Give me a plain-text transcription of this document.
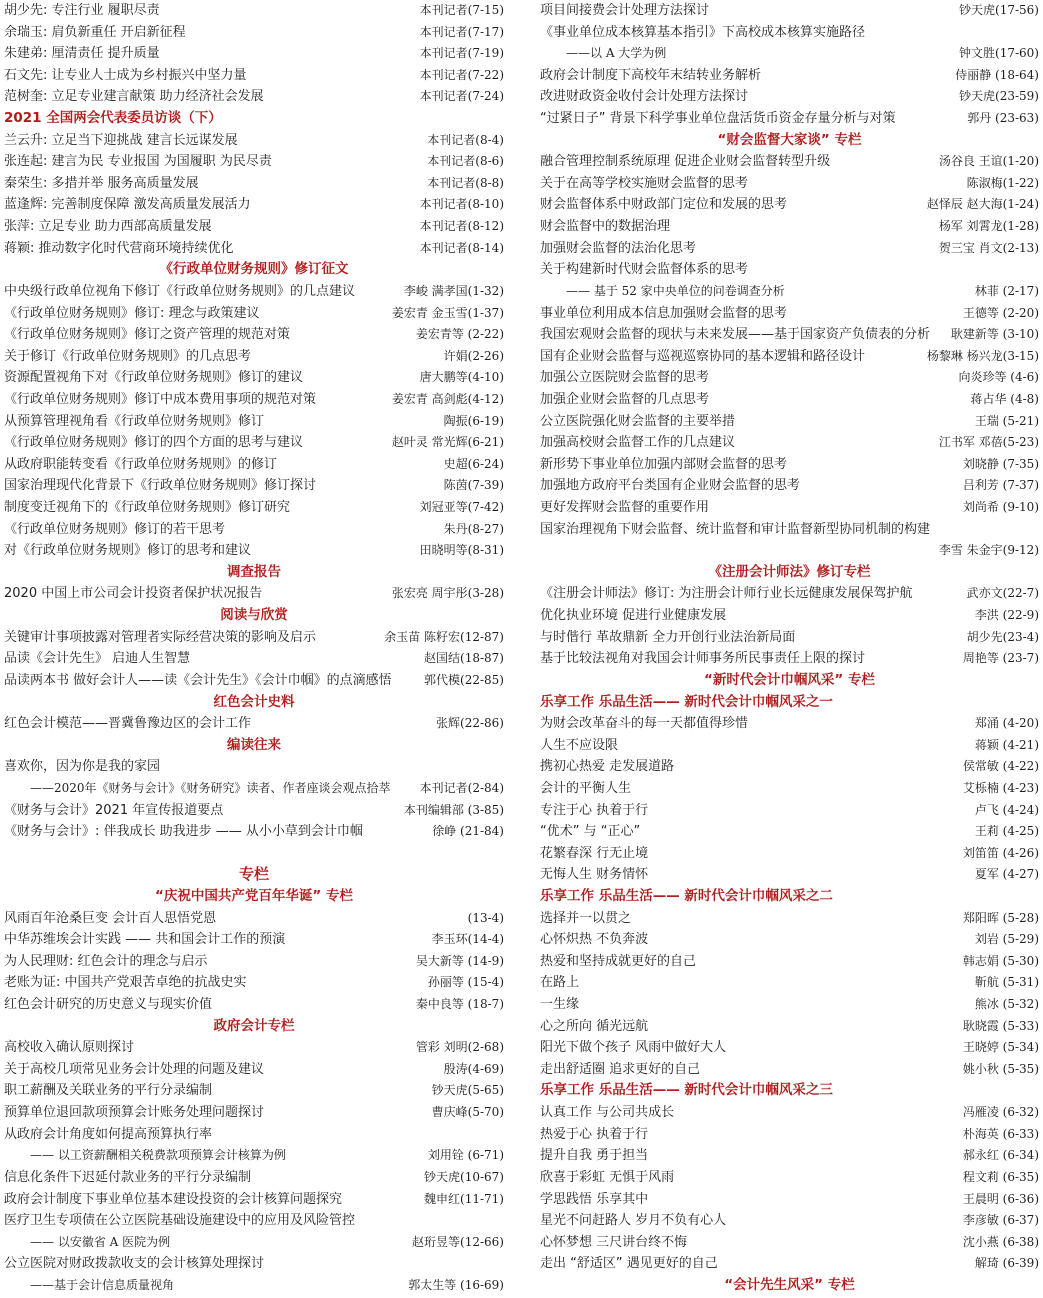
胡少先: 专注行业 履职尽责	本刊记者(7-15)
余瑞玉: 肩负新重任 开启新征程	本刊记者(7-17)
朱建弟: 厘清责任 提升质量	本刊记者(7-19)
石文先: 让专业人士成为乡村振兴中坚力量	本刊记者(7-22)
范树奎: 立足专业建言献策 助力经济社会发展	本刊记者(7-24)
2021 全国两会代表委员访谈（下）
兰云升: 立足当下迎挑战 建言长远谋发展	本刊记者(8-4)
张连起: 建言为民 专业报国 为国履职 为民尽责	本刊记者(8-6)
秦荣生: 多措并举 服务高质量发展	本刊记者(8-8)
蓝逢辉: 完善制度保障 激发高质量发展活力	本刊记者(8-10)
张萍: 立足专业 助力西部高质量发展	本刊记者(8-12)
蒋颖: 推动数字化时代营商环境持续优化	本刊记者(8-14)
《行政单位财务规则》修订征文
中央级行政单位视角下修订《行政单位财务规则》的几点建议	李峻 满孝国(1-32)
《行政单位财务规则》修订: 理念与政策建议	姜宏青 金玉雪(1-37)
《行政单位财务规则》修订之资产管理的规范对策	姜宏青等 (2-22)
关于修订《行政单位财务规则》的几点思考	许娟(2-26)
资源配置视角下对《行政单位财务规则》修订的建议	唐大鹏等(4-10)
《行政单位财务规则》修订中成本费用事项的规范对策	姜宏青 高剑彪(4-12)
从预算管理视角看《行政单位财务规则》修订	陶振(6-19)
《行政单位财务规则》修订的四个方面的思考与建议	赵叶灵 常光辉(6-21)
从政府职能转变看《行政单位财务规则》的修订	史超(6-24)
国家治理现代化背景下《行政单位财务规则》修订探讨	陈茵(7-39)
制度变迁视角下的《行政单位财务规则》修订研究	刘冠亚等(7-42)
《行政单位财务规则》修订的若干思考	朱丹(8-27)
对《行政单位财务规则》修订的思考和建议	田晓明等(8-31)
调查报告
2020 中国上市公司会计投资者保护状况报告	张宏亮 周宇彤(3-28)
阅读与欣赏
关键审计事项披露对管理者实际经营决策的影响及启示	余玉苗 陈籽宏(12-87)
品读《会计先生》 启迪人生智慧	赵国结(18-87)
品读两本书 做好会计人——读《会计先生》《会计巾帼》的点滴感悟	郭代模(22-85)
红色会计史料
红色会计模范——晋冀鲁豫边区的会计工作	张辉(22-86)
编读往来
喜欢你，因为你是我的家园
——2020年《财务与会计》《财务研究》读者、作者座谈会观点拾萃	本刊记者(2-84)
《财务与会计》2021 年宣传报道要点	本刊编辑部 (3-85)
《财务与会计》: 伴我成长 助我进步 —— 从小小草到会计巾帼	徐峥 (21-84)
专栏
“庆祝中国共产党百年华诞” 专栏
风雨百年沧桑巨变 会计百人思悟党恩	(13-4)
中华苏维埃会计实践 —— 共和国会计工作的预演	李玉环(14-4)
为人民理财: 红色会计的理念与启示	吴大新等 (14-9)
老账为证: 中国共产党艰苦卓绝的抗战史实	孙丽等 (15-4)
红色会计研究的历史意义与现实价值	秦中良等 (18-7)
政府会计专栏
高校收入确认原则探讨	管彩 刘明(2-68)
关于高校几项常见业务会计处理的问题及建议	殷涛(4-69)
职工薪酬及关联业务的平行分录编制	钞天虎(5-65)
预算单位退回款项预算会计账务处理问题探讨	曹庆峰(5-70)
从政府会计角度如何提高预算执行率
—— 以工资薪酬相关税费款项预算会计核算为例	刘用铨 (6-71)
信息化条件下迟延付款业务的平行分录编制	钞天虎(10-67)
政府会计制度下事业单位基本建设投资的会计核算问题探究	魏申红(11-71)
医疗卫生专项债在公立医院基础设施建设中的应用及风险管控
—— 以安徽省 A 医院为例	赵珩昱等(12-66)
公立医院对财政拨款收支的会计核算处理探讨
——基于会计信息质量视角	郭太生等 (16-69)
项目间接费会计处理方法探讨	钞天虎(17-56)
《事业单位成本核算基本指引》下高校成本核算实施路径
——以 A 大学为例	钟文胜(17-60)
政府会计制度下高校年末结转业务解析	侍丽静 (18-64)
改进财政资金收付会计处理方法探讨	钞天虎(23-59)
“过紧日子” 背景下科学事业单位盘活货币资金存量分析与对策	郭丹 (23-63)
“财会监督大家谈” 专栏
融合管理控制系统原理 促进企业财会监督转型升级	汤谷良 王谊(1-20)
关于在高等学校实施财会监督的思考	陈淑梅(1-22)
财会监督体系中财政部门定位和发展的思考	赵怿辰 赵大海(1-24)
财会监督中的数据治理	杨军 刘霄龙(1-28)
加强财会监督的法治化思考	贺三宝 肖文(2-13)
关于构建新时代财会监督体系的思考
—— 基于 52 家中央单位的问卷调查分析	林菲 (2-17)
事业单位利用成本信息加强财会监督的思考	王德等 (2-20)
我国宏观财会监督的现状与未来发展——基于国家资产负债表的分析	耿建新等 (3-10)
国有企业财会监督与巡视巡察协同的基本逻辑和路径设计	杨黎琳 杨兴龙(3-15)
加强公立医院财会监督的思考	向炎珍等 (4-6)
加强企业财会监督的几点思考	蒋占华 (4-8)
公立医院强化财会监督的主要举措	王瑞 (5-21)
加强高校财会监督工作的几点建议	江书军 邓蓓(5-23)
新形势下事业单位加强内部财会监督的思考	刘晓静 (7-35)
加强地方政府平台类国有企业财会监督的思考	吕利芳 (7-37)
更好发挥财会监督的重要作用	刘尚希 (9-10)
国家治理视角下财会监督、统计监督和审计监督新型协同机制的构建
李雪 朱金宇(9-12)
《注册会计师法》修订专栏
《注册会计师法》修订: 为注册会计师行业长远健康发展保驾护航	武亦文(22-7)
优化执业环境 促进行业健康发展	李洪 (22-9)
与时偕行 革故鼎新 全力开创行业法治新局面	胡少先(23-4)
基于比较法视角对我国会计师事务所民事责任上限的探讨	周艳等 (23-7)
“新时代会计巾帼风采” 专栏
乐享工作 乐品生活—— 新时代会计巾帼风采之一
为财会改革奋斗的每一天都值得珍惜	郑涌 (4-20)
人生不应设限	蒋颖 (4-21)
携初心热爱 走发展道路	侯常敏 (4-22)
会计的平衡人生	艾栎楠 (4-23)
专注于心 执着于行	卢飞 (4-24)
“优术” 与 “正心”	王莉 (4-25)
花繁春深 行无止境	刘笛笛 (4-26)
无悔人生 财务情怀	夏军 (4-27)
乐享工作 乐品生活—— 新时代会计巾帼风采之二
选择并一以贯之	郑阳晖 (5-28)
心怀炽热 不负奔波	刘岩 (5-29)
热爱和坚持成就更好的自己	韩志娟 (5-30)
在路上	靳航 (5-31)
一生缘	熊冰 (5-32)
心之所向 循光远航	耿晓霞 (5-33)
阳光下做个孩子 风雨中做好大人	王晓婷 (5-34)
走出舒适圈 追求更好的自己	姚小秋 (5-35)
乐享工作 乐品生活—— 新时代会计巾帼风采之三
认真工作 与公司共成长	冯雁凌 (6-32)
热爱于心 执着于行	朴海英 (6-33)
提升自我 勇于担当	郝永红 (6-34)
欣喜于彩虹 无惧于风雨	程文莉 (6-35)
学思践悟 乐享其中	王晨明 (6-36)
星光不问赶路人 岁月不负有心人	李彦敏 (6-37)
心怀梦想 三尺讲台终不悔	沈小燕 (6-38)
走出 “舒适区” 遇见更好的自己	解琦 (6-39)
“会计先生风采” 专栏
